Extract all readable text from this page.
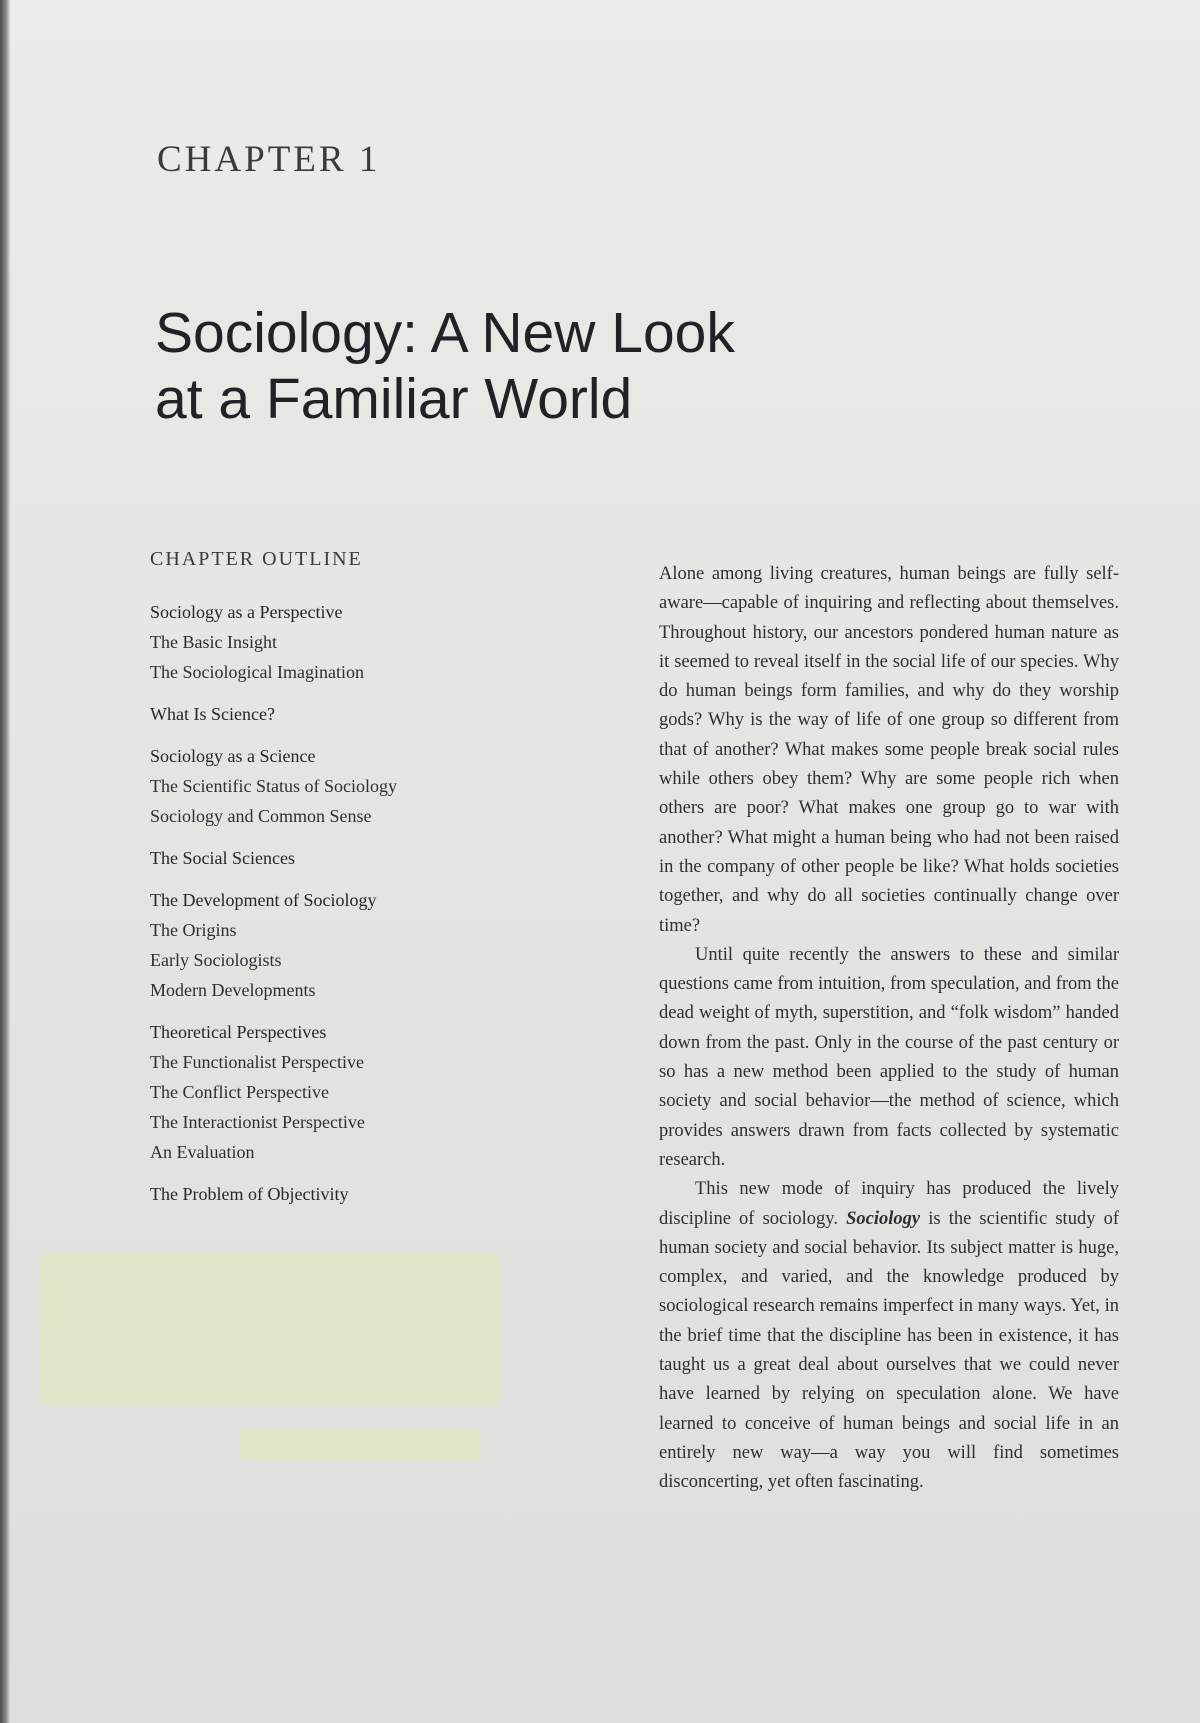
CHAPTER 1
Sociology: A New Look
at a Familiar World
CHAPTER OUTLINE
Sociology as a Perspective
The Basic Insight
The Sociological Imagination
What Is Science?
Sociology as a Science
The Scientific Status of Sociology
Sociology and Common Sense
The Social Sciences
The Development of Sociology
The Origins
Early Sociologists
Modern Developments
Theoretical Perspectives
The Functionalist Perspective
The Conflict Perspective
The Interactionist Perspective
An Evaluation
The Problem of Objectivity

Alone among living creatures, human beings are fully self-aware—capable of inquiring and reflecting about themselves. Throughout history, our ancestors pondered human nature as it seemed to reveal itself in the social life of our species. Why do human beings form families, and why do they worship gods? Why is the way of life of one group so different from that of another? What makes some people break social rules while others obey them? Why are some people rich when others are poor? What makes one group go to war with another? What might a human being who had not been raised in the company of other people be like? What holds societies together, and why do all societies continually change over time?

Until quite recently the answers to these and similar questions came from intuition, from speculation, and from the dead weight of myth, superstition, and “folk wisdom” handed down from the past. Only in the course of the past century or so has a new method been applied to the study of human society and social behavior—the method of science, which provides answers drawn from facts collected by systematic research.

This new mode of inquiry has produced the lively discipline of sociology. Sociology is the scientific study of human society and social behavior. Its subject matter is huge, complex, and varied, and the knowledge produced by sociological research remains imperfect in many ways. Yet, in the brief time that the discipline has been in existence, it has taught us a great deal about ourselves that we could never have learned by relying on speculation alone. We have learned to conceive of human beings and social life in an entirely new way—a way you will find sometimes disconcerting, yet often fascinating.
